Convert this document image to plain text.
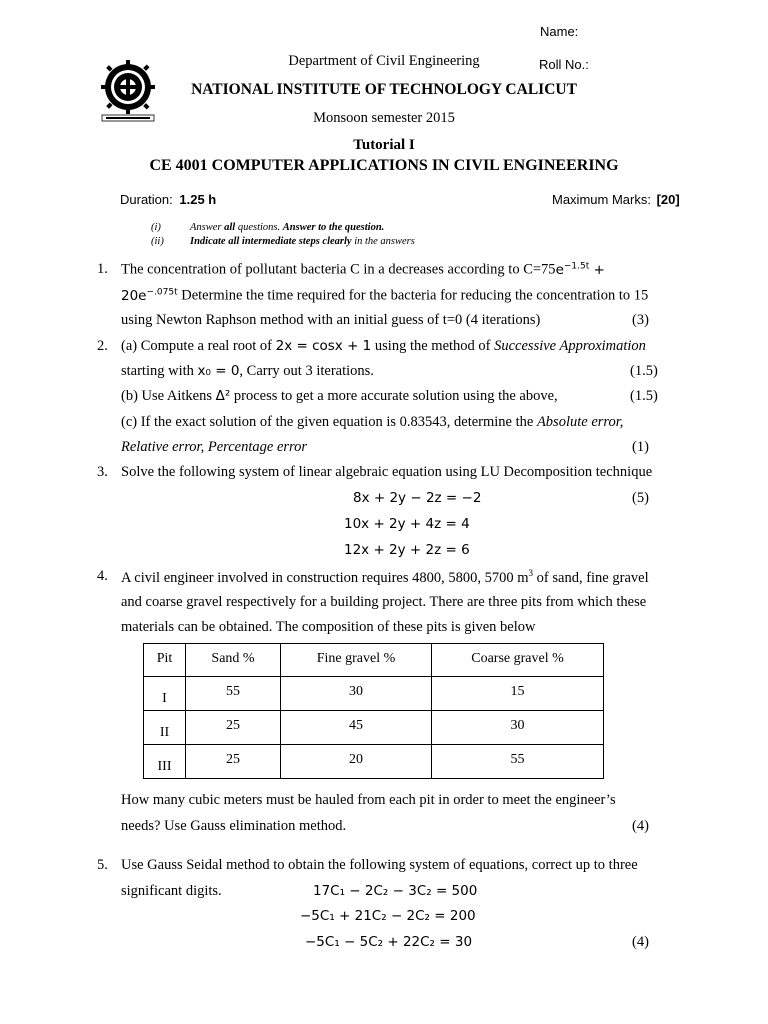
Name:
Roll No.:
Department of Civil Engineering
NATIONAL INSTITUTE OF TECHNOLOGY CALICUT
Monsoon semester 2015
Tutorial I
CE 4001 COMPUTER APPLICATIONS IN CIVIL ENGINEERING
Duration: 1.25 h	Maximum Marks: [20]
(i)	Answer all questions. Answer to the question.
(ii) Indicate all intermediate steps clearly in the answers
1. The concentration of pollutant bacteria C in a decreases according to $C=75e^{-1.5t}$ +
$20e^{-.075t}$ Determine the time required for the bacteria for reducing the concentration to 15
using Newton Raphson method with an initial guess of t=0 (4 iterations)	(3)
2. (a) Compute a real root of 2x = cosx + 1 using the method of Successive Approximation
starting with x₀ = 0, Carry out 3 iterations.	(1.5)
(b) Use Aitkens Δ² process to get a more accurate solution using the above,	(1.5)
(c) If the exact solution of the given equation is 0.83543, determine the Absolute error,
Relative error, Percentage error	(1)
3. Solve the following system of linear algebraic equation using LU Decomposition technique
8x + 2y − 2z = −2	(5)
10x + 2y + 4z = 4
12x + 2y + 2z = 6
4. A civil engineer involved in construction requires 4800, 5800, 5700 $m^3$ of sand, fine gravel
and coarse gravel respectively for a building project. There are three pits from which these
materials can be obtained. The composition of these pits is given below
Pit	Sand %	Fine gravel %	Coarse gravel %
I	55	30	15
II	25	45	30
III	25	20	55
How many cubic meters must be hauled from each pit in order to meet the engineer’s
needs? Use Gauss elimination method.	(4)
5. Use Gauss Seidal method to obtain the following system of equations, correct up to three
significant digits.	17C₁ − 2C₂ − 3C₂ = 500
−5C₁ + 21C₂ − 2C₂ = 200
−5C₁ − 5C₂ + 22C₂ = 30	(4)
